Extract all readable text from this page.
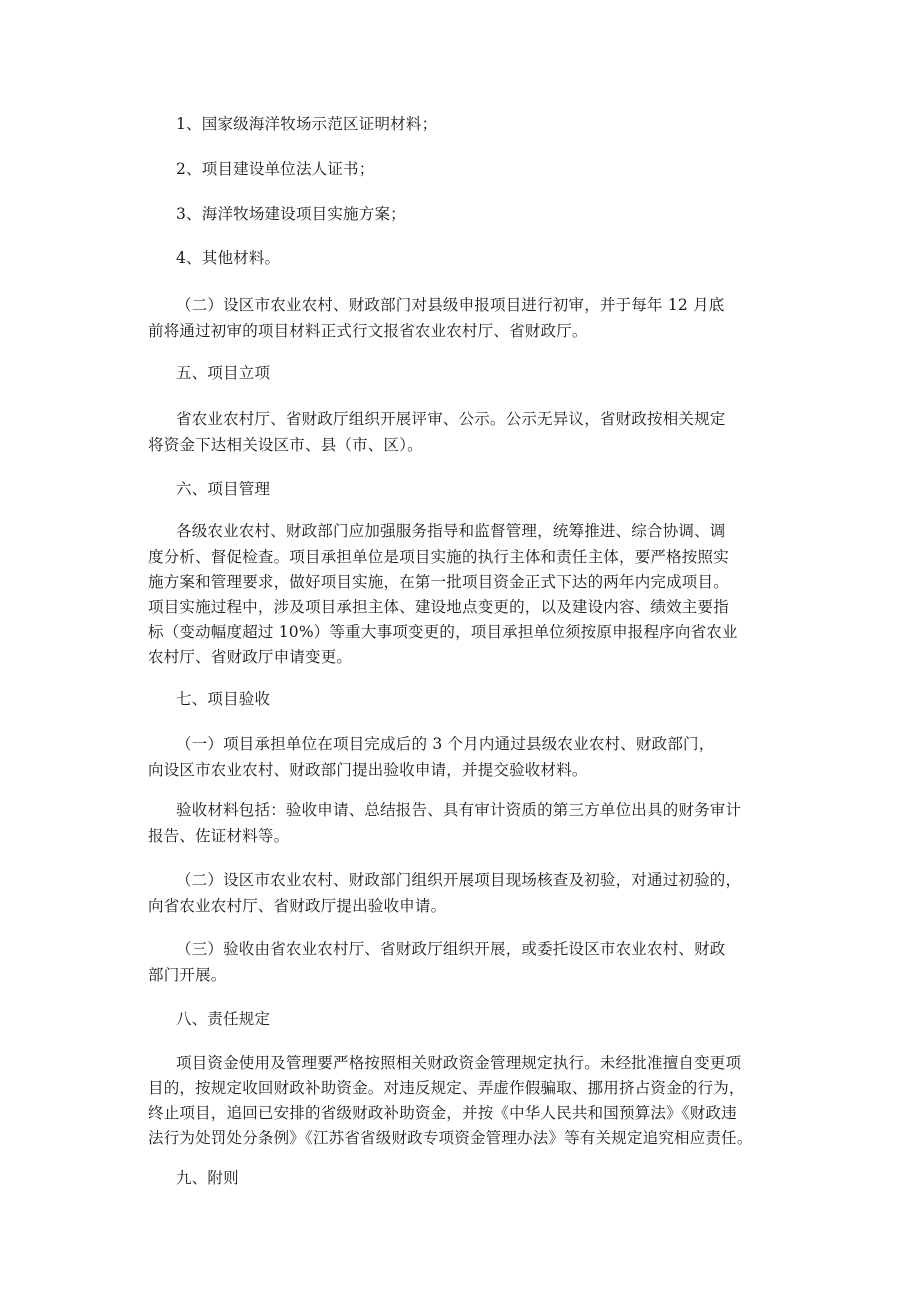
1、国家级海洋牧场示范区证明材料；
2、项目建设单位法人证书；
3、海洋牧场建设项目实施方案；
4、其他材料。
（二）设区市农业农村、财政部门对县级申报项目进行初审，并于每年 12 月底
前将通过初审的项目材料正式行文报省农业农村厅、省财政厅。
五、项目立项
省农业农村厅、省财政厅组织开展评审、公示。公示无异议，省财政按相关规定
将资金下达相关设区市、县（市、区）。
六、项目管理
各级农业农村、财政部门应加强服务指导和监督管理，统筹推进、综合协调、调
度分析、督促检查。项目承担单位是项目实施的执行主体和责任主体，要严格按照实
施方案和管理要求，做好项目实施，在第一批项目资金正式下达的两年内完成项目。
项目实施过程中，涉及项目承担主体、建设地点变更的，以及建设内容、绩效主要指
标（变动幅度超过 10%）等重大事项变更的，项目承担单位须按原申报程序向省农业
农村厅、省财政厅申请变更。
七、项目验收
（一）项目承担单位在项目完成后的 3 个月内通过县级农业农村、财政部门，
向设区市农业农村、财政部门提出验收申请，并提交验收材料。
验收材料包括：验收申请、总结报告、具有审计资质的第三方单位出具的财务审计
报告、佐证材料等。
（二）设区市农业农村、财政部门组织开展项目现场核查及初验，对通过初验的，
向省农业农村厅、省财政厅提出验收申请。
（三）验收由省农业农村厅、省财政厅组织开展，或委托设区市农业农村、财政
部门开展。
八、责任规定
项目资金使用及管理要严格按照相关财政资金管理规定执行。未经批准擅自变更项
目的，按规定收回财政补助资金。对违反规定、弄虚作假骗取、挪用挤占资金的行为，
终止项目，追回已安排的省级财政补助资金，并按《中华人民共和国预算法》《财政违
法行为处罚处分条例》《江苏省省级财政专项资金管理办法》等有关规定追究相应责任。
九、附则
